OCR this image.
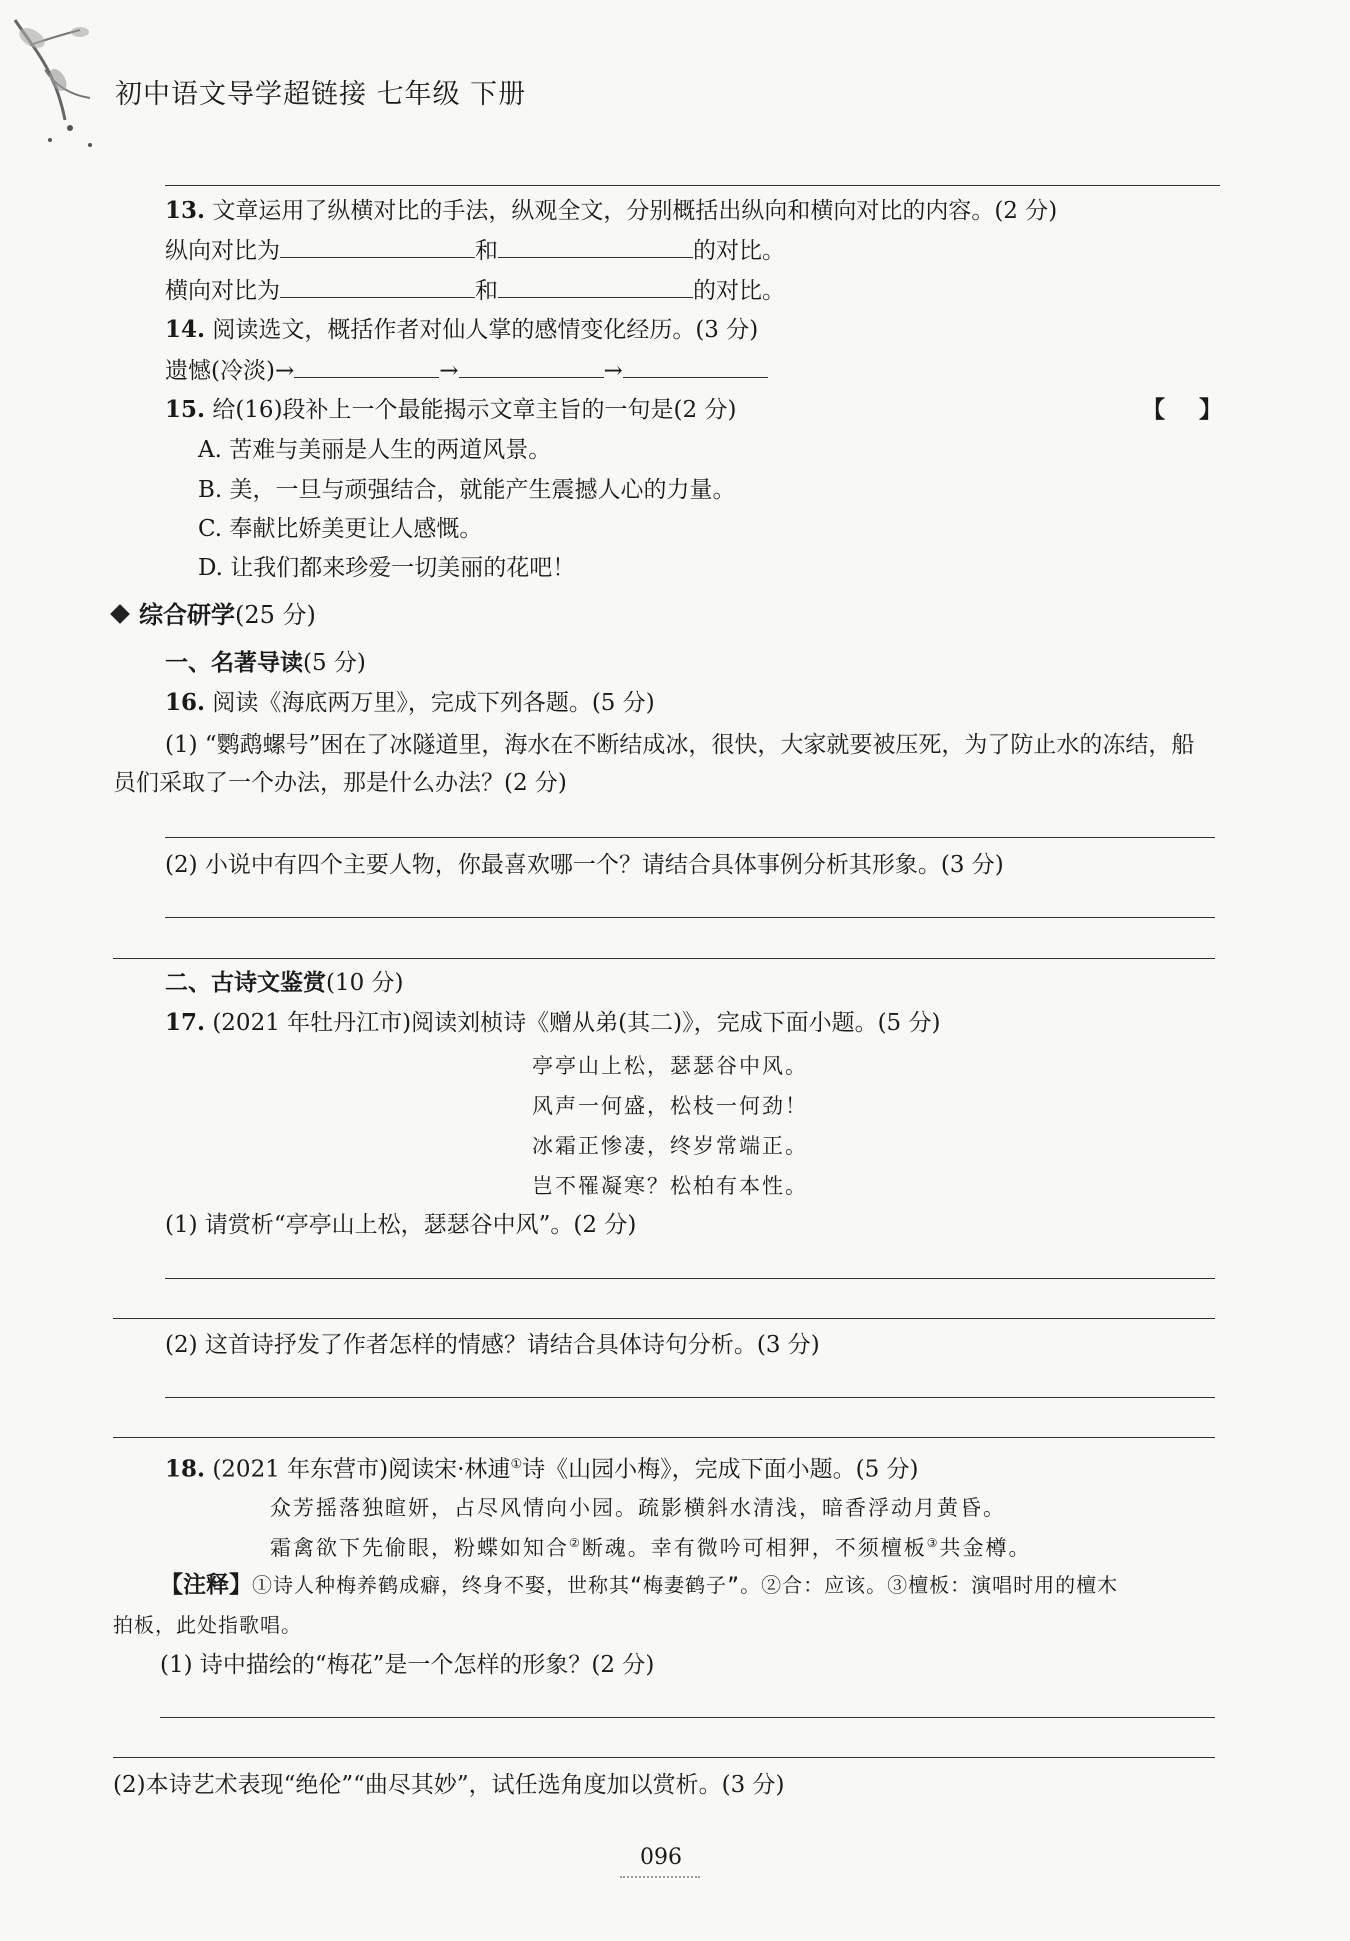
初中语文导学超链接 七年级 下册
13. 文章运用了纵横对比的手法，纵观全文，分别概括出纵向和横向对比的内容。(2 分)
纵向对比为	和	的对比。
横向对比为	和	的对比。
14. 阅读选文，概括作者对仙人掌的感情变化经历。(3 分)
遗憾(冷淡)→	→	→
15. 给(16)段补上一个最能揭示文章主旨的一句是(2 分)	【 】
A. 苦难与美丽是人生的两道风景。
B. 美，一旦与顽强结合，就能产生震撼人心的力量。
C. 奉献比娇美更让人感慨。
D. 让我们都来珍爱一切美丽的花吧！
综合研学(25 分)
一、名著导读(5 分)
16. 阅读《海底两万里》，完成下列各题。(5 分)
(1) “鹦鹉螺号”困在了冰隧道里，海水在不断结成冰，很快，大家就要被压死，为了防止水的冻结，船
员们采取了一个办法，那是什么办法？(2 分)
(2) 小说中有四个主要人物，你最喜欢哪一个？请结合具体事例分析其形象。(3 分)
二、古诗文鉴赏(10 分)
17. (2021 年牡丹江市)阅读刘桢诗《赠从弟(其二)》，完成下面小题。(5 分)
亭亭山上松，瑟瑟谷中风。
风声一何盛，松枝一何劲！
冰霜正惨凄，终岁常端正。
岂不罹凝寒？松柏有本性。
(1) 请赏析“亭亭山上松，瑟瑟谷中风”。(2 分)
(2) 这首诗抒发了作者怎样的情感？请结合具体诗句分析。(3 分)
18. (2021 年东营市)阅读宋·林逋①诗《山园小梅》，完成下面小题。(5 分)
众芳摇落独暄妍，占尽风情向小园。疏影横斜水清浅，暗香浮动月黄昏。
霜禽欲下先偷眼，粉蝶如知合②断魂。幸有微吟可相狎，不须檀板③共金樽。
【注释】①诗人种梅养鹤成癖，终身不娶，世称其“梅妻鹤子”。②合：应该。③檀板：演唱时用的檀木
拍板，此处指歌唱。
(1) 诗中描绘的“梅花”是一个怎样的形象？(2 分)
(2)本诗艺术表现“绝伦”“曲尽其妙”，试任选角度加以赏析。(3 分)
096
